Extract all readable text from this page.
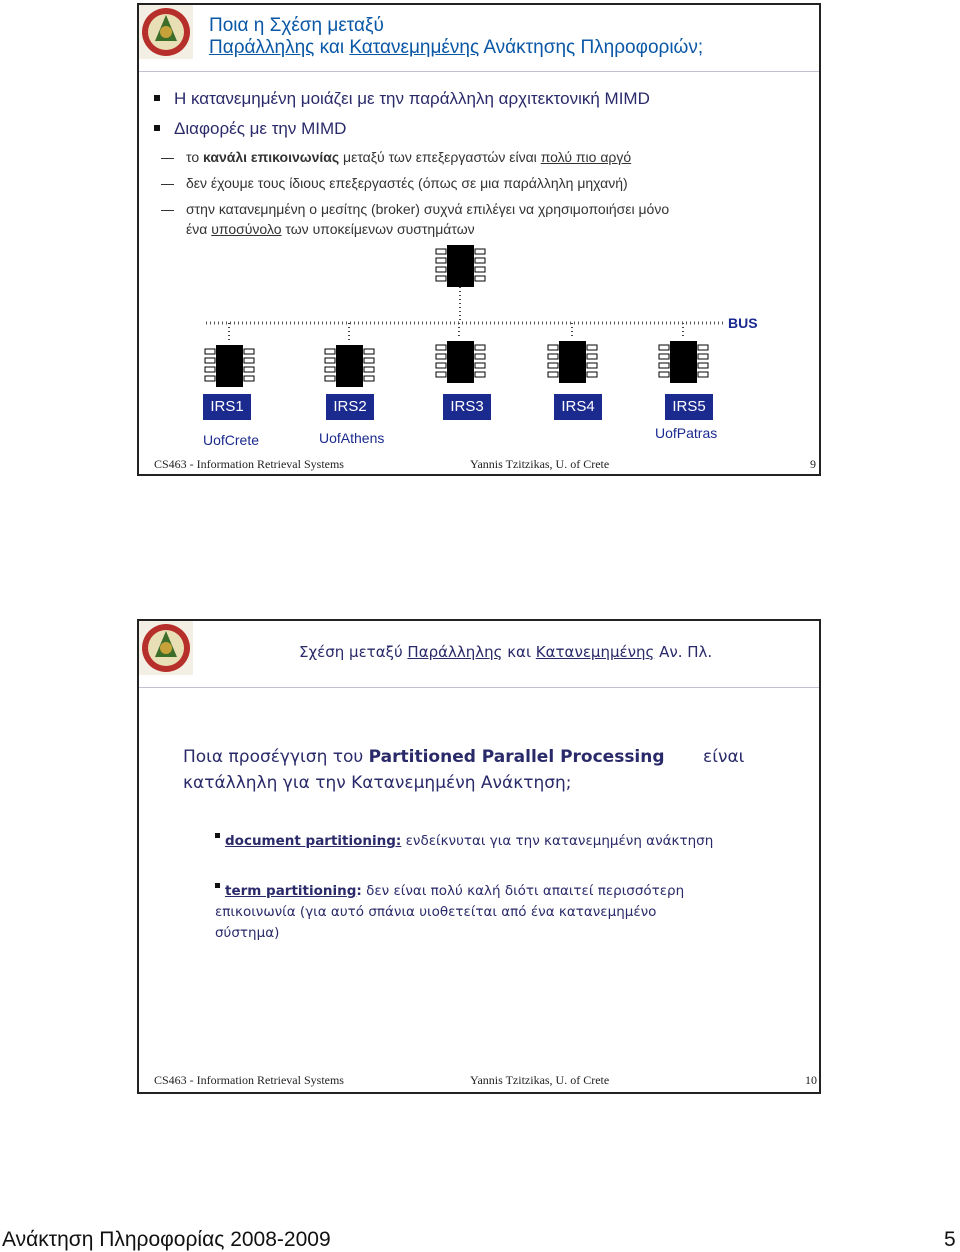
Ποια η Σχέση μεταξύ
Παράλληλης και Κατανεμημένης Ανάκτησης Πληροφοριών;
Η κατανεμημένη μοιάζει με την παράλληλη αρχιτεκτονική MIMD
Διαφορές με την MIMD
το κανάλι επικοινωνίας μεταξύ των επεξεργαστών είναι πολύ πιο αργό
δεν έχουμε τους ίδιους επεξεργαστές (όπως σε μια παράλληλη μηχανή)
στην κατανεμημένη ο μεσίτης (broker) συχνά επιλέγει να χρησιμοποιήσει μόνο
ένα υποσύνολο των υποκείμενων συστημάτων
BUS
IRS1	IRS2	IRS3	IRS4	IRS5
UofCrete	UofAthens	UofPatras
CS463 - Information Retrieval Systems	Yannis Tzitzikas, U. of Crete	9
Σχέση μεταξύ Παράλληλης και Κατανεμημένης Αν. Πλ.
Ποια προσέγγιση του Partitioned Parallel Processing είναι
κατάλληλη για την Κατανεμημένη Ανάκτηση;
document partitioning: ενδείκνυται για την κατανεμημένη ανάκτηση
term partitioning: δεν είναι πολύ καλή διότι απαιτεί περισσότερη
επικοινωνία (για αυτό σπάνια υιοθετείται από ένα κατανεμημένο
σύστημα)
CS463 - Information Retrieval Systems	Yannis Tzitzikas, U. of Crete	10
Ανάκτηση Πληροφορίας 2008-2009	5
